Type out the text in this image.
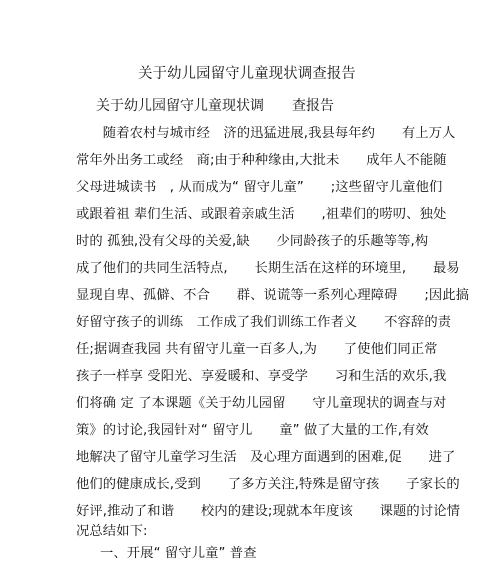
关于幼儿园留守儿童现状调查报告
关于幼儿园留守儿童现状调　　查报告
　　随着农村与城市经　济的迅猛进展,我县每年约　　有上万人
常年外出务工或经　商;由于种种缘由,大批未　　成年人不能随
父母进城读书　, 从而成为“ 留守儿童”　　;这些留守儿童他们
或跟着祖 辈们生活、或跟着亲戚生活　　,祖辈们的唠叨、独处
时的 孤独,没有父母的关爱,缺　　少同龄孩子的乐趣等等,构
成了他们的共同生活特点,　　长期生活在这样的环境里,　　最易
显现自卑、孤僻、不合　　群、说谎等一系列心理障碍　　;因此搞
好留守孩子的训练　工作成了我们训练工作者义　　不容辞的责
任;据调查我园 共有留守儿童一百多人,为　　了使他们同正常
孩子一样享 受阳光、享爱暖和、享受学　　习和生活的欢乐,我
们将确 定 了本课题《关于幼儿园留　　守儿童现状的调查与对
策》的讨论,我园针对“ 留守儿　　童” 做了大量的工作,有效
地解决了留守儿童学习生活　及心理方面遇到的困难,促　　进了
他们的健康成长,受到　　了多方关注,特殊是留守孩　　子家长的
好评,推动了和谐　　校内的建设;现就本年度该　　课题的讨论情
况总结如下:
一、开展“ 留守儿童” 普查
